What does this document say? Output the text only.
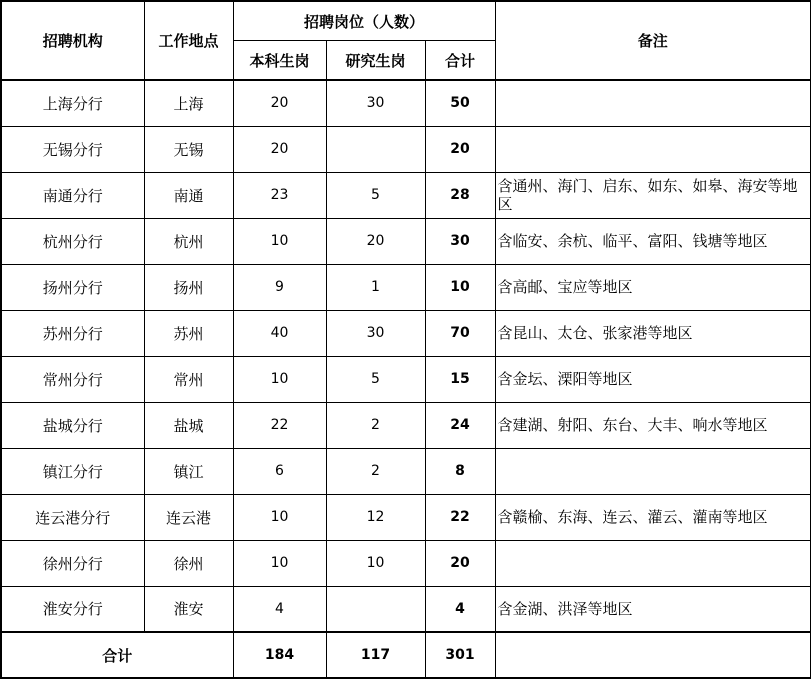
招聘机构	工作地点	招聘岗位（人数）			备注
		本科生岗	研究生岗	合计	
上海分行	上海	20	30	50	
无锡分行	无锡	20		20	
南通分行	南通	23	5	28	含通州、海门、启东、如东、如皋、海安等地区
杭州分行	杭州	10	20	30	含临安、余杭、临平、富阳、钱塘等地区
扬州分行	扬州	9	1	10	含高邮、宝应等地区
苏州分行	苏州	40	30	70	含昆山、太仓、张家港等地区
常州分行	常州	10	5	15	含金坛、溧阳等地区
盐城分行	盐城	22	2	24	含建湖、射阳、东台、大丰、响水等地区
镇江分行	镇江	6	2	8	
连云港分行	连云港	10	12	22	含赣榆、东海、连云、灌云、灌南等地区
徐州分行	徐州	10	10	20	
淮安分行	淮安	4		4	含金湖、洪泽等地区
合计		184	117	301	
